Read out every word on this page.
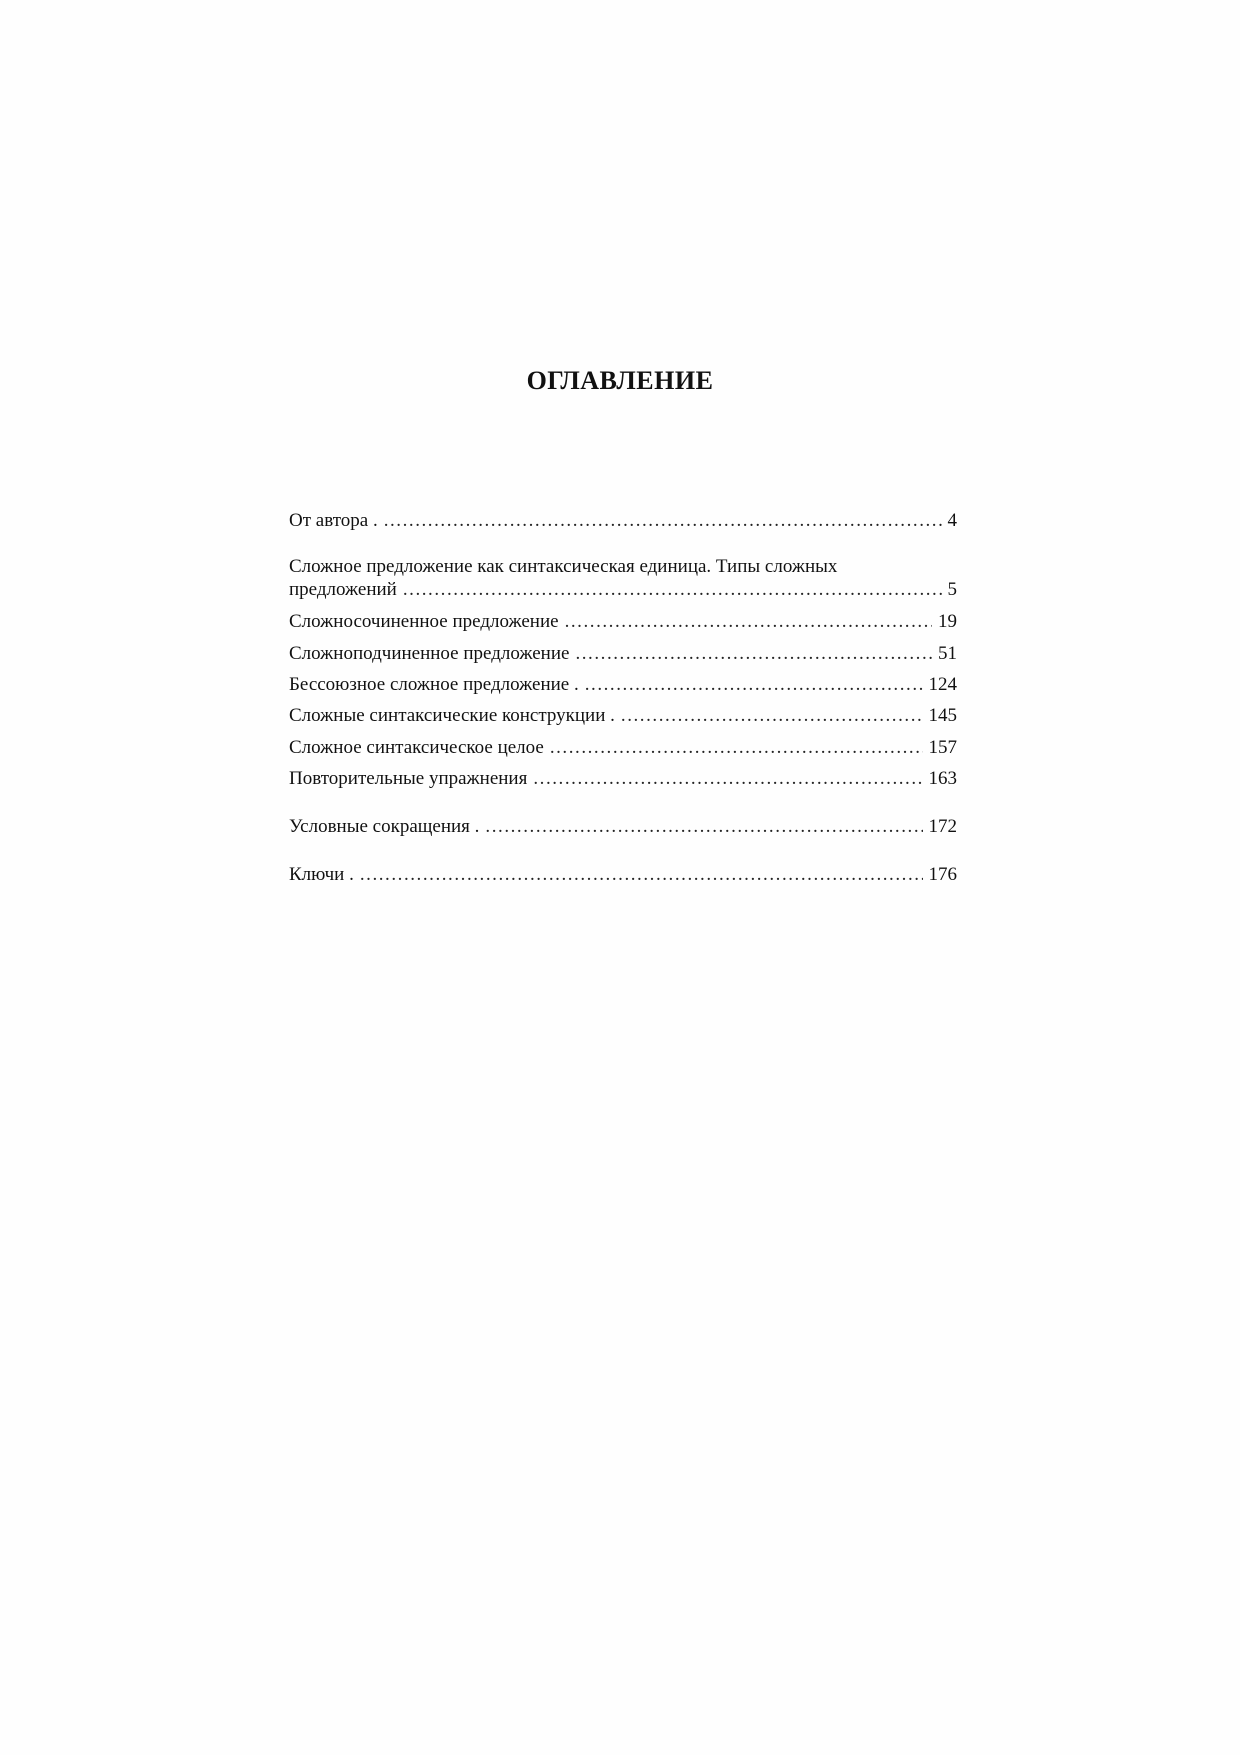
ОГЛАВЛЕНИЕ
От автора . . . .	4
Сложное предложение как синтаксическая единица. Типы сложных
предложений . . .	5
Сложносочиненное предложение . . .	19
Сложноподчиненное предложение . . .	51
Бессоюзное сложное предложение . . . .	124
Сложные синтаксические конструкции . . . .	145
Сложное синтаксическое целое . . .	157
Повторительные упражнения . . .	163
Условные сокращения . . . .	172
Ключи . . . .	176
